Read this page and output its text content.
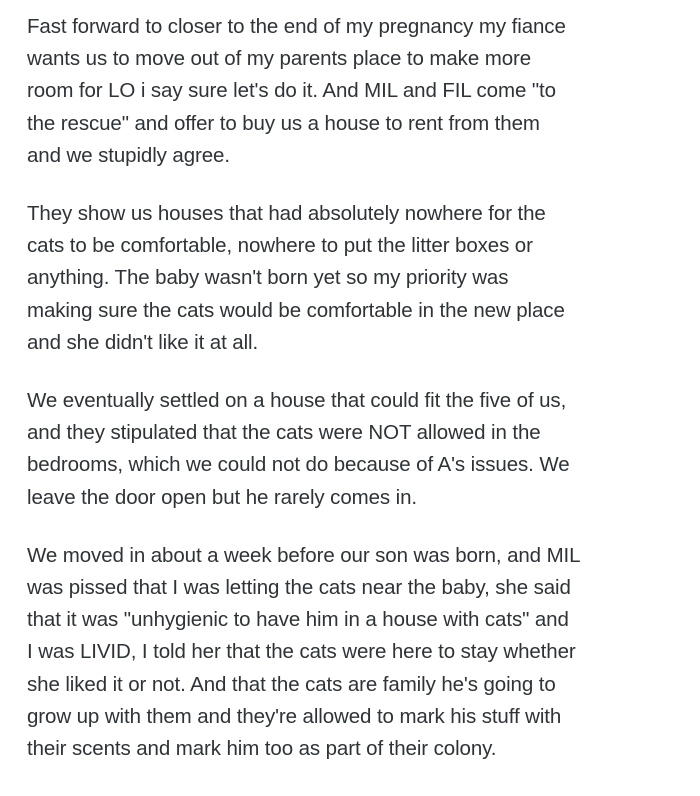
Fast forward to closer to the end of my pregnancy my fiance
wants us to move out of my parents place to make more
room for LO i say sure let's do it. And MIL and FIL come "to
the rescue" and offer to buy us a house to rent from them
and we stupidly agree.

They show us houses that had absolutely nowhere for the
cats to be comfortable, nowhere to put the litter boxes or
anything. The baby wasn't born yet so my priority was
making sure the cats would be comfortable in the new place
and she didn't like it at all.

We eventually settled on a house that could fit the five of us,
and they stipulated that the cats were NOT allowed in the
bedrooms, which we could not do because of A's issues. We
leave the door open but he rarely comes in.

We moved in about a week before our son was born, and MIL
was pissed that I was letting the cats near the baby, she said
that it was "unhygienic to have him in a house with cats" and
I was LIVID, I told her that the cats were here to stay whether
she liked it or not. And that the cats are family he's going to
grow up with them and they're allowed to mark his stuff with
their scents and mark him too as part of their colony.
